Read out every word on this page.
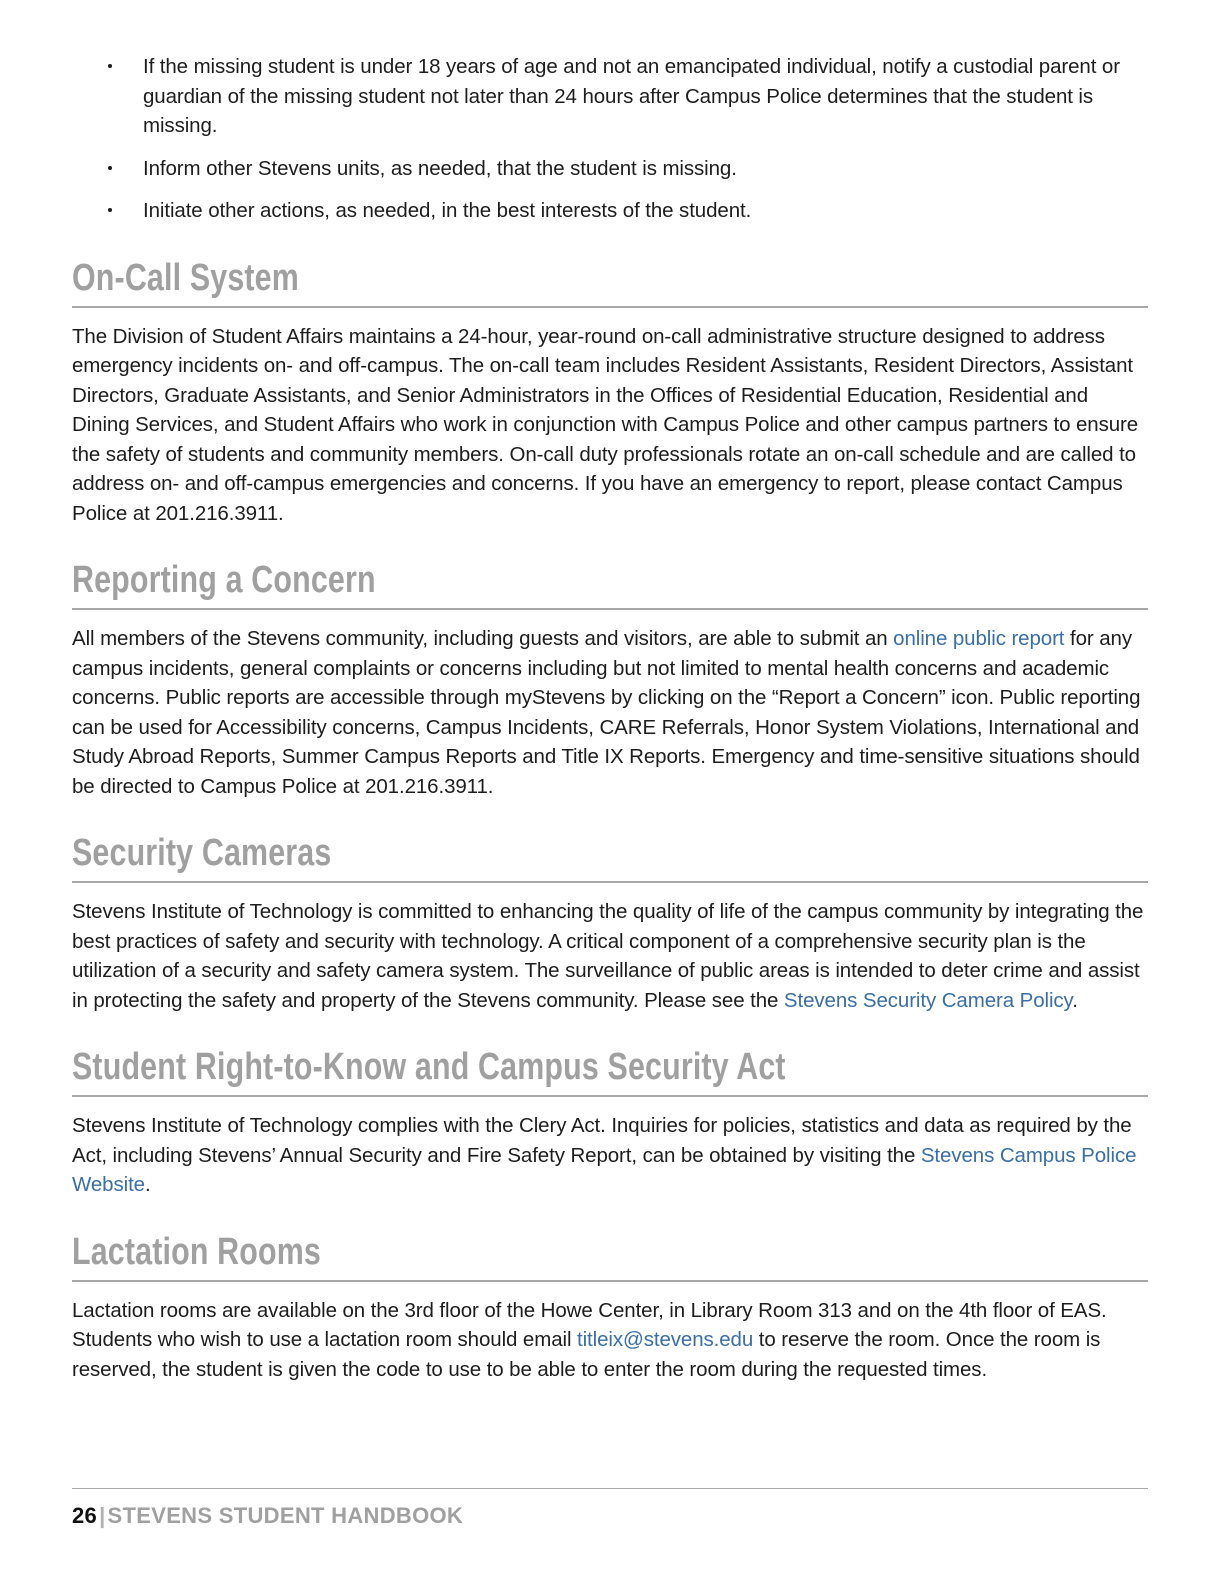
If the missing student is under 18 years of age and not an emancipated individual, notify a custodial parent or guardian of the missing student not later than 24 hours after Campus Police determines that the student is missing.
Inform other Stevens units, as needed, that the student is missing.
Initiate other actions, as needed, in the best interests of the student.
On-Call System

The Division of Student Affairs maintains a 24-hour, year-round on-call administrative structure designed to address emergency incidents on- and off-campus. The on-call team includes Resident Assistants, Resident Directors, Assistant Directors, Graduate Assistants, and Senior Administrators in the Offices of Residential Education, Residential and Dining Services, and Student Affairs who work in conjunction with Campus Police and other campus partners to ensure the safety of students and community members. On-call duty professionals rotate an on-call schedule and are called to address on- and off-campus emergencies and concerns. If you have an emergency to report, please contact Campus Police at 201.216.3911.

Reporting a Concern

All members of the Stevens community, including guests and visitors, are able to submit an online public report for any campus incidents, general complaints or concerns including but not limited to mental health concerns and academic concerns. Public reports are accessible through myStevens by clicking on the “Report a Concern” icon. Public reporting can be used for Accessibility concerns, Campus Incidents, CARE Referrals, Honor System Violations, International and Study Abroad Reports, Summer Campus Reports and Title IX Reports. Emergency and time-sensitive situations should be directed to Campus Police at 201.216.3911.

Security Cameras

Stevens Institute of Technology is committed to enhancing the quality of life of the campus community by integrating the best practices of safety and security with technology. A critical component of a comprehensive security plan is the utilization of a security and safety camera system. The surveillance of public areas is intended to deter crime and assist in protecting the safety and property of the Stevens community. Please see the Stevens Security Camera Policy.

Student Right-to-Know and Campus Security Act

Stevens Institute of Technology complies with the Clery Act. Inquiries for policies, statistics and data as required by the Act, including Stevens’ Annual Security and Fire Safety Report, can be obtained by visiting the Stevens Campus Police Website.

Lactation Rooms

Lactation rooms are available on the 3rd floor of the Howe Center, in Library Room 313 and on the 4th floor of EAS. Students who wish to use a lactation room should email titleix@stevens.edu to reserve the room. Once the room is reserved, the student is given the code to use to be able to enter the room during the requested times.

26|STEVENS STUDENT HANDBOOK
